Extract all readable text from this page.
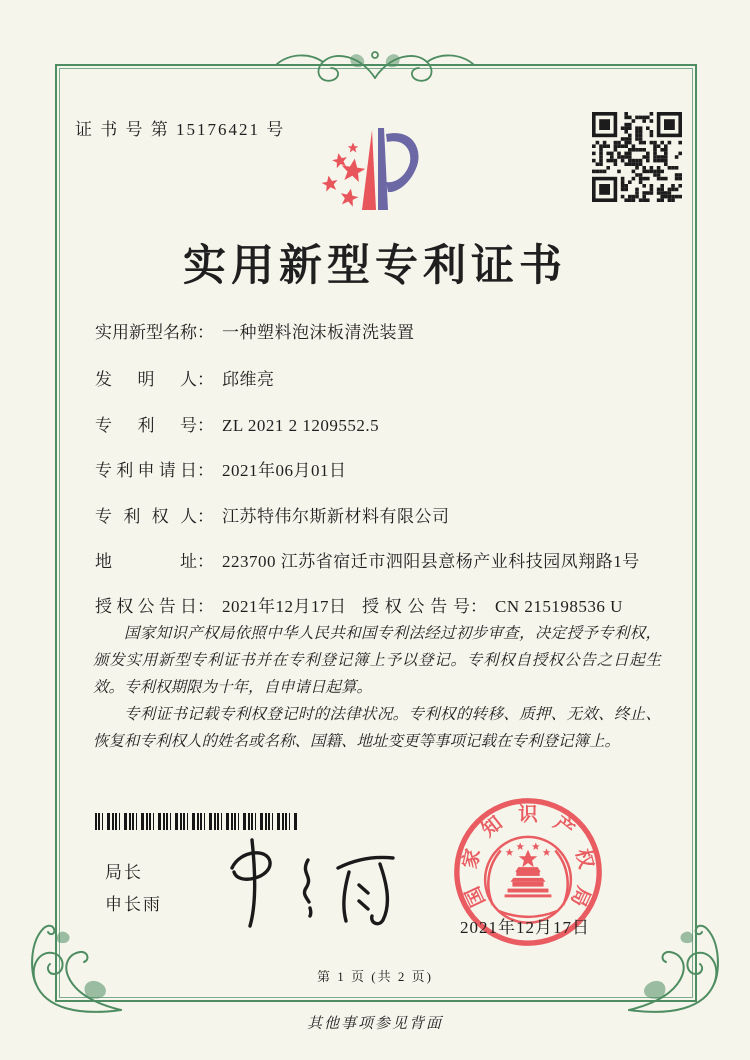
证 书 号 第 15176421 号
实用新型专利证书
实用新型名称： 一种塑料泡沫板清洗装置
发明人： 邱维亮
专利号： ZL 2021 2 1209552.5
专利申请日： 2021年06月01日
专利权人： 江苏特伟尔斯新材料有限公司
地址： 223700 江苏省宿迁市泗阳县意杨产业科技园凤翔路1号
授权公告日： 2021年12月17日 授权公告号： CN 215198536 U

国家知识产权局依照中华人民共和国专利法经过初步审查，决定授予专利权，颁发实用新型专利证书并在专利登记簿上予以登记。专利权自授权公告之日起生效。专利权期限为十年，自申请日起算。

专利证书记载专利权登记时的法律状况。专利权的转移、质押、无效、终止、恢复和专利权人的姓名或名称、国籍、地址变更等事项记载在专利登记簿上。

局长
申长雨	国
家
知 识 产
权
局
2021年12月17日
第 1 页 (共 2 页)
其他事项参见背面
